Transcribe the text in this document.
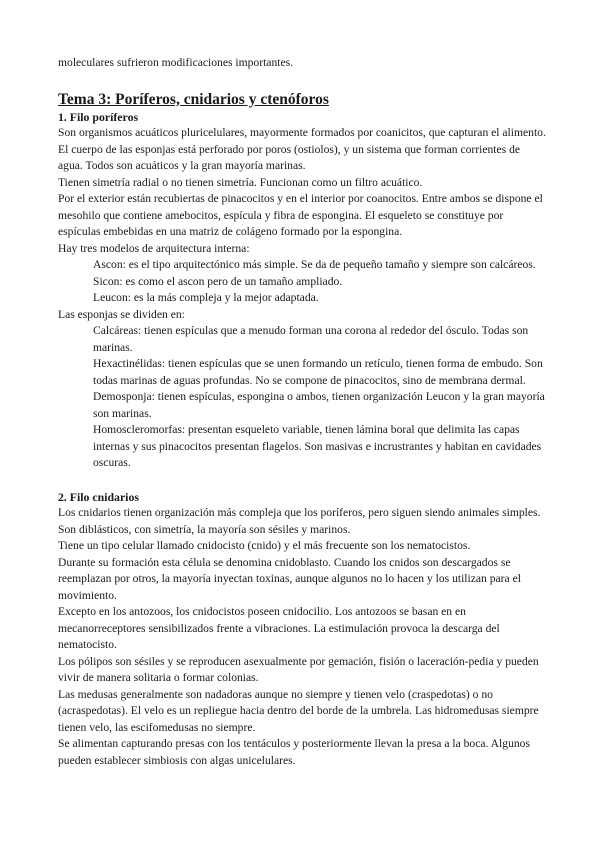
moleculares sufrieron modificaciones importantes.

Tema 3: Poríferos, cnidarios y ctenóforos
1. Filo poríferos

Son organismos acuáticos pluricelulares, mayormente formados por coanicitos, que capturan el alimento. El cuerpo de las esponjas está perforado por poros (ostiolos), y un sistema que forman corrientes de agua. Todos son acuáticos y la gran mayoría marinas.

Tienen simetría radial o no tienen simetría. Funcionan como un filtro acuático.

Por el exterior están recubiertas de pinacocitos y en el interior por coanocitos. Entre ambos se dispone el mesohilo que contiene amebocitos, espícula y fibra de espongina. El esqueleto se constituye por espículas embebidas en una matriz de colágeno formado por la espongina.

Hay tres modelos de arquitectura interna:

Ascon: es el tipo arquitectónico más simple. Se da de pequeño tamaño y siempre son calcáreos.

Sicon: es como el ascon pero de un tamaño ampliado.

Leucon: es la más compleja y la mejor adaptada.

Las esponjas se dividen en:

Calcáreas: tienen espículas que a menudo forman una corona al rededor del ósculo. Todas son marinas.

Hexactinélidas: tienen espículas que se unen formando un retículo, tienen forma de embudo. Son todas marinas de aguas profundas. No se compone de pinacocitos, sino de membrana dermal.

Demosponja: tienen espículas, espongina o ambos, tienen organización Leucon y la gran mayoría son marinas.

Homoscleromorfas: presentan esqueleto variable, tienen lámina boral que delimita las capas internas y sus pinacocitos presentan flagelos. Son masivas e incrustrantes y habitan en cavidades oscuras.

2. Filo cnidarios

Los cnidarios tienen organización más compleja que los poríferos, pero siguen siendo animales simples.

Son diblásticos, con simetría, la mayoría son sésiles y marinos.

Tiene un tipo celular llamado cnidocisto (cnido) y el más frecuente son los nematocistos.

Durante su formación esta célula se denomina cnidoblasto. Cuando los cnidos son descargados se reemplazan por otros, la mayoría inyectan toxinas, aunque algunos no lo hacen y los utilizan para el movimiento.

Excepto en los antozoos, los cnidocistos poseen cnidocilio. Los antozoos se basan en en mecanorreceptores sensibilizados frente a vibraciones. La estimulación provoca la descarga del nematocisto.

Los pólipos son sésiles y se reproducen asexualmente por gemación, fisión o laceración-pedia y pueden vivir de manera solitaria o formar colonias.

Las medusas generalmente son nadadoras aunque no siempre y tienen velo (craspedotas) o no (acraspedotas). El velo es un repliegue hacia dentro del borde de la umbrela. Las hidromedusas siempre tienen velo, las escifomedusas no siempre.

Se alimentan capturando presas con los tentáculos y posteriormente llevan la presa a la boca. Algunos pueden establecer simbiosis con algas unicelulares.
